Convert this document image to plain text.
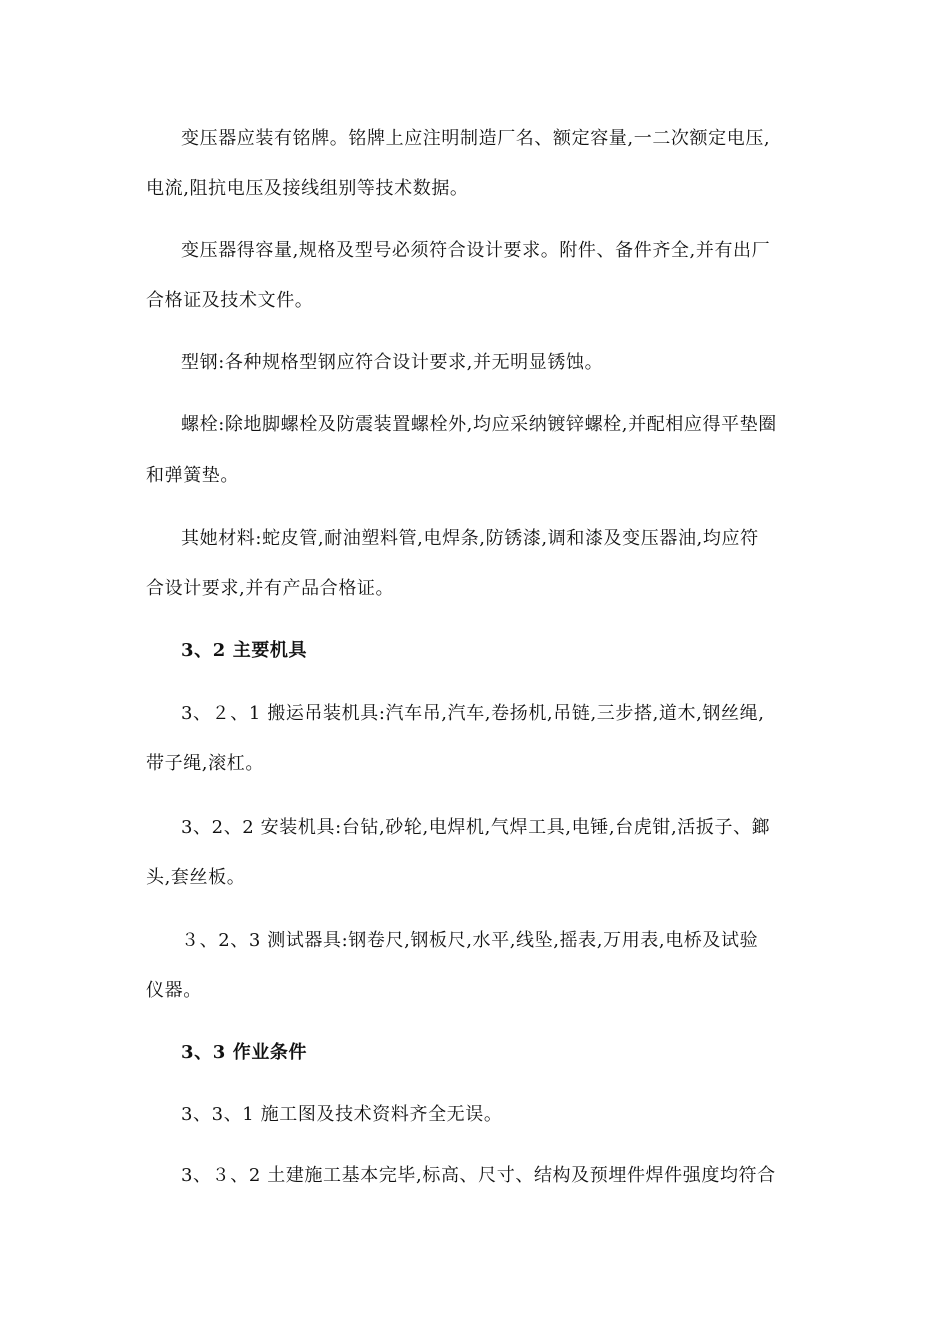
变压器应装有铭牌。铭牌上应注明制造厂名、额定容量,一二次额定电压,
电流,阻抗电压及接线组别等技术数据。
变压器得容量,规格及型号必须符合设计要求。附件、备件齐全,并有出厂
合格证及技术文件。
型钢:各种规格型钢应符合设计要求,并无明显锈蚀。
螺栓:除地脚螺栓及防震装置螺栓外,均应采纳镀锌螺栓,并配相应得平垫圈
和弹簧垫。
其她材料:蛇皮管,耐油塑料管,电焊条,防锈漆,调和漆及变压器油,均应符
合设计要求,并有产品合格证。
3、2 主要机具
3、２、1 搬运吊装机具:汽车吊,汽车,卷扬机,吊链,三步搭,道木,钢丝绳,
带子绳,滚杠。
3、2、2 安装机具:台钻,砂轮,电焊机,气焊工具,电锤,台虎钳,活扳子、鎯
头,套丝板。
３、2、3 测试器具:钢卷尺,钢板尺,水平,线坠,摇表,万用表,电桥及试验
仪器。
3、3 作业条件
3、3、1 施工图及技术资料齐全无误。
3、３、2 土建施工基本完毕,标高、尺寸、结构及预埋件焊件强度均符合
